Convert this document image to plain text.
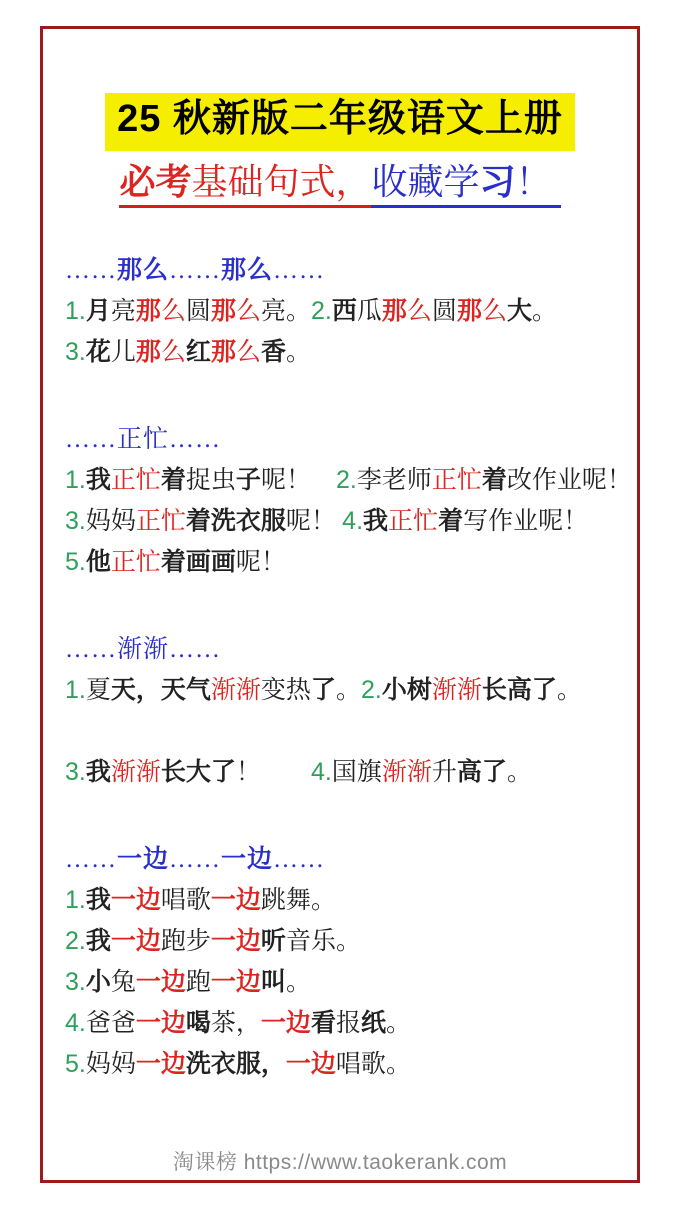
25 秋新版二年级语文上册
必考基础句式，收藏学习！
……那么……那么……
1.月亮那么圆那么亮。2.西瓜那么圆那么大。
3.花儿那么红那么香。
……正忙……
1.我正忙着捉虫子呢！　 2.李老师正忙着改作业呢！
3.妈妈正忙着洗衣服呢！ 4.我正忙着写作业呢！
5.他正忙着画画呢！
……渐渐……
1.夏天，天气渐渐变热了。2.小树渐渐长高了。
3.我渐渐长大了！　　 4.国旗渐渐升高了。
……一边……一边……
1.我一边唱歌一边跳舞。
2.我一边跑步一边听音乐。
3.小兔一边跑一边叫。
4.爸爸一边喝茶，一边看报纸。
5.妈妈一边洗衣服，一边唱歌。
淘课榜 https://www.taokerank.com
